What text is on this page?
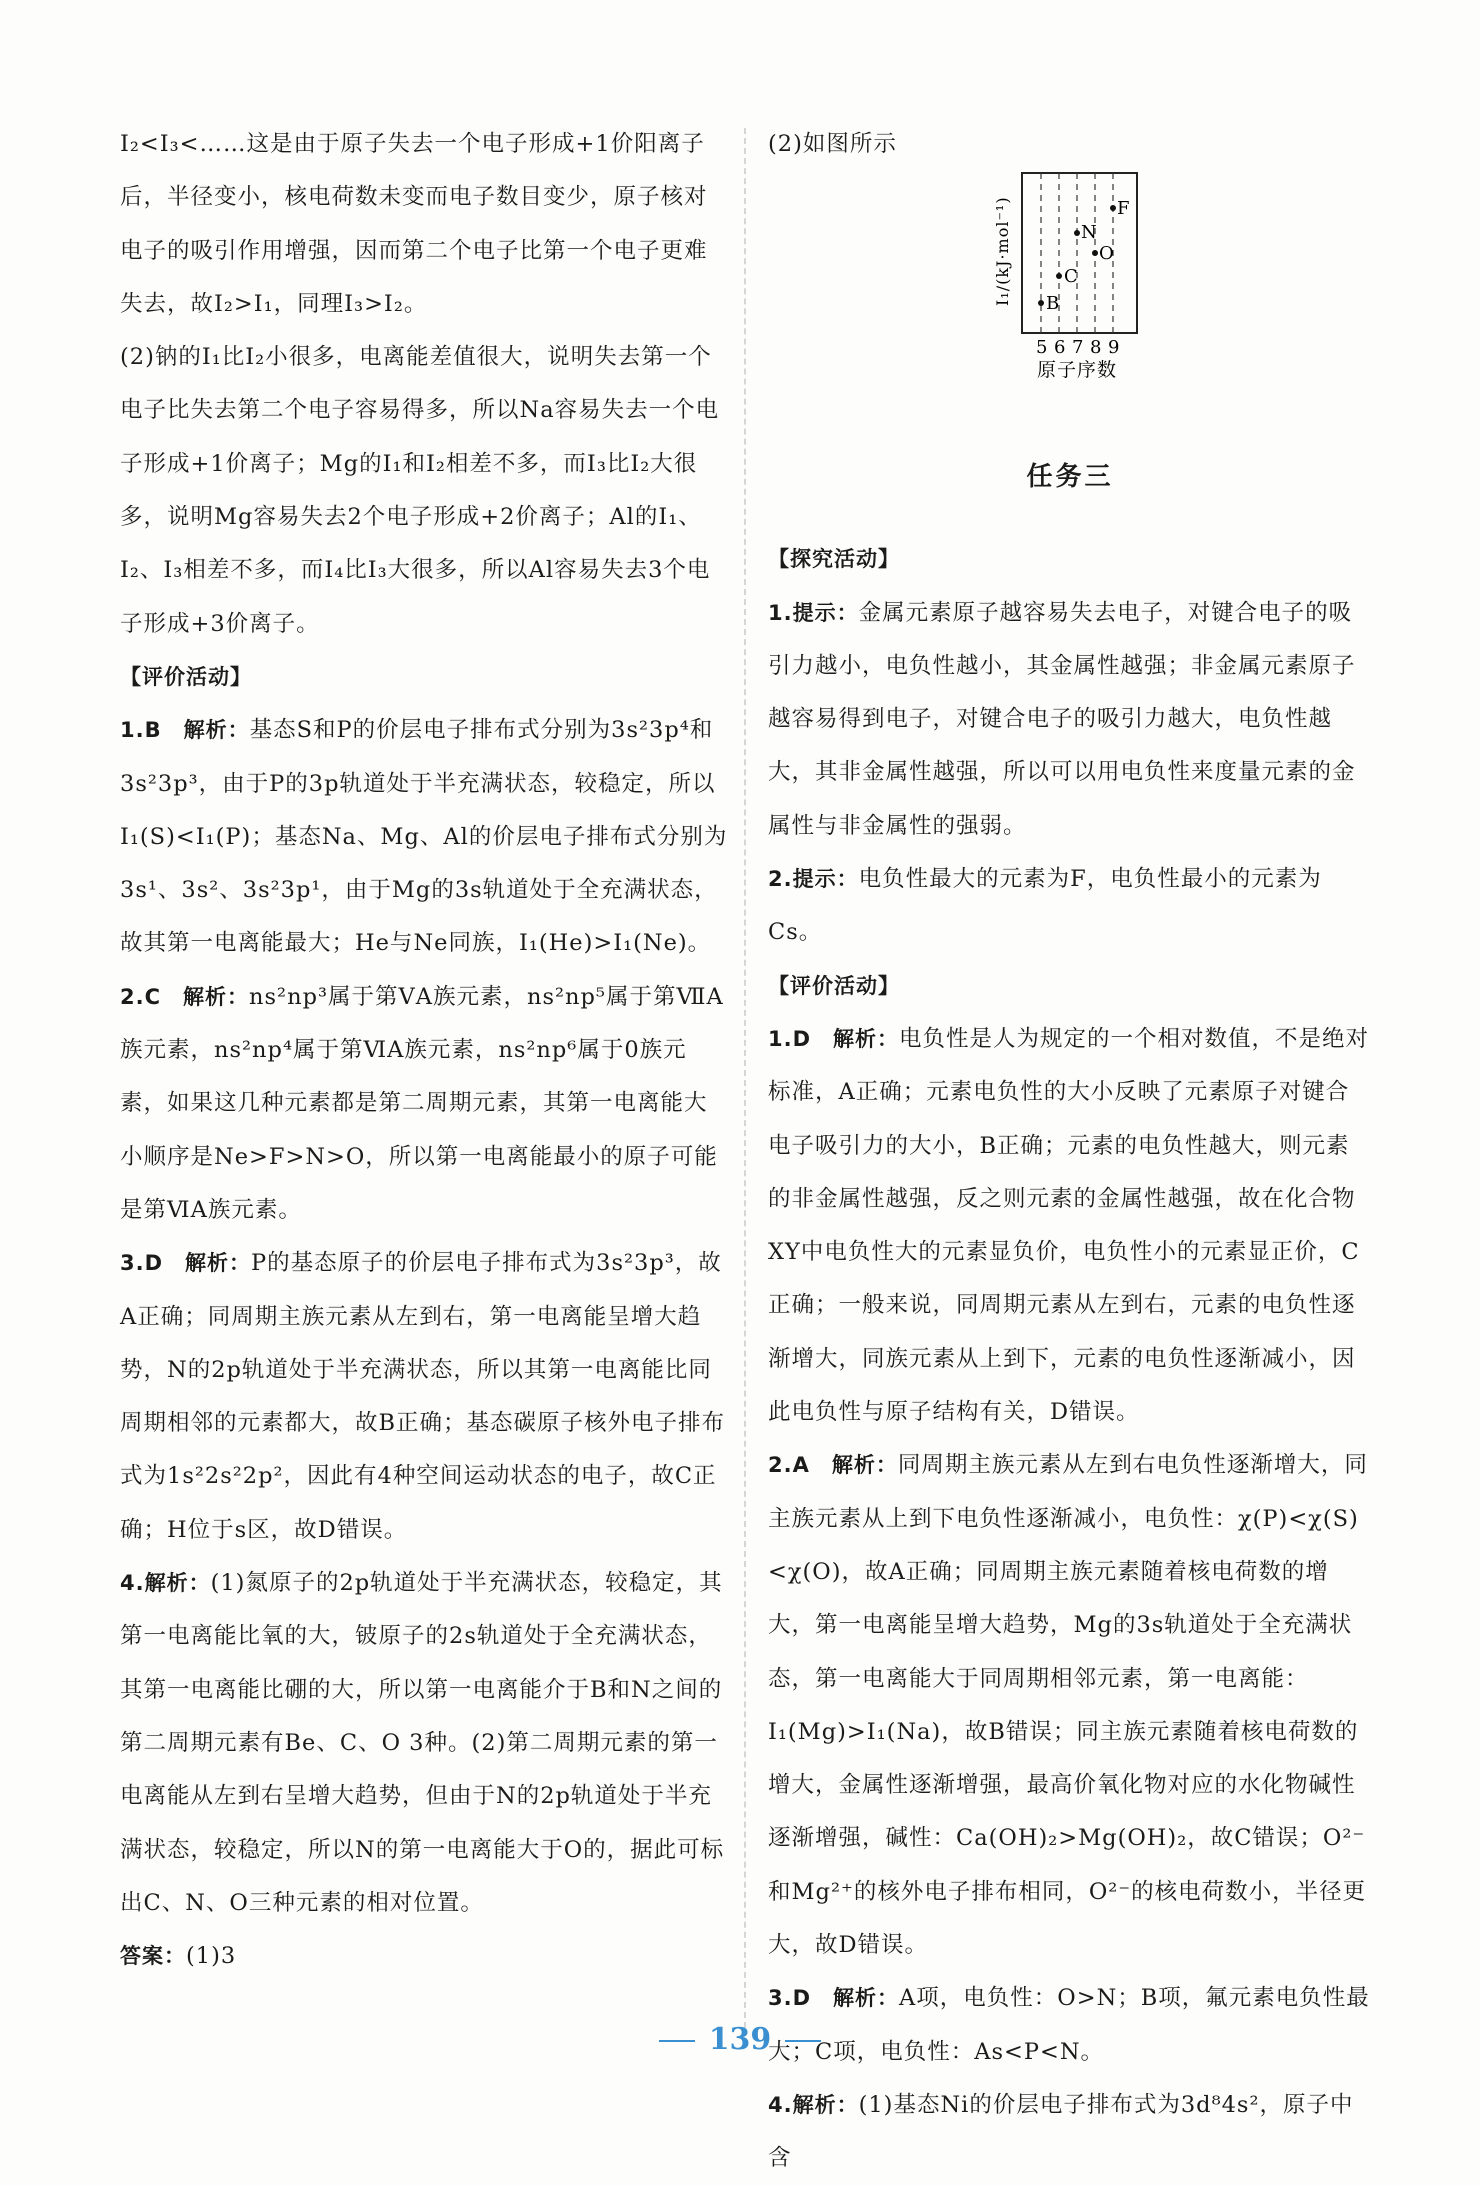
I₂<I₃<……这是由于原子失去一个电子形成+1价阳离子后，半径变小，核电荷数未变而电子数目变少，原子核对电子的吸引作用增强，因而第二个电子比第一个电子更难失去，故I₂>I₁，同理I₃>I₂。

(2)钠的I₁比I₂小很多，电离能差值很大，说明失去第一个电子比失去第二个电子容易得多，所以Na容易失去一个电子形成+1价离子；Mg的I₁和I₂相差不多，而I₃比I₂大很多，说明Mg容易失去2个电子形成+2价离子；Al的I₁、I₂、I₃相差不多，而I₄比I₃大很多，所以Al容易失去3个电子形成+3价离子。

【评价活动】

1.B　解析：基态S和P的价层电子排布式分别为3s²3p⁴和3s²3p³，由于P的3p轨道处于半充满状态，较稳定，所以I₁(S)<I₁(P)；基态Na、Mg、Al的价层电子排布式分别为3s¹、3s²、3s²3p¹，由于Mg的3s轨道处于全充满状态，故其第一电离能最大；He与Ne同族，I₁(He)>I₁(Ne)。

2.C　解析：ns²np³属于第ⅤA族元素，ns²np⁵属于第ⅦA族元素，ns²np⁴属于第ⅥA族元素，ns²np⁶属于0族元素，如果这几种元素都是第二周期元素，其第一电离能大小顺序是Ne>F>N>O，所以第一电离能最小的原子可能是第ⅥA族元素。

3.D　解析：P的基态原子的价层电子排布式为3s²3p³，故A正确；同周期主族元素从左到右，第一电离能呈增大趋势，N的2p轨道处于半充满状态，所以其第一电离能比同周期相邻的元素都大，故B正确；基态碳原子核外电子排布式为1s²2s²2p²，因此有4种空间运动状态的电子，故C正确；H位于s区，故D错误。

4.解析：(1)氮原子的2p轨道处于半充满状态，较稳定，其第一电离能比氧的大，铍原子的2s轨道处于全充满状态，其第一电离能比硼的大，所以第一电离能介于B和N之间的第二周期元素有Be、C、O 3种。(2)第二周期元素的第一电离能从左到右呈增大趋势，但由于N的2p轨道处于半充满状态，较稳定，所以N的第一电离能大于O的，据此可标出C、N、O三种元素的相对位置。

答案：(1)3

(2)如图所示

B
C
N
O
F
I₁/(kJ·mol⁻¹)
5 6 7 8 9
原子序数

任务三

【探究活动】

1.提示：金属元素原子越容易失去电子，对键合电子的吸引力越小，电负性越小，其金属性越强；非金属元素原子越容易得到电子，对键合电子的吸引力越大，电负性越大，其非金属性越强，所以可以用电负性来度量元素的金属性与非金属性的强弱。

2.提示：电负性最大的元素为F，电负性最小的元素为Cs。

【评价活动】

1.D　解析：电负性是人为规定的一个相对数值，不是绝对标准，A正确；元素电负性的大小反映了元素原子对键合电子吸引力的大小，B正确；元素的电负性越大，则元素的非金属性越强，反之则元素的金属性越强，故在化合物XY中电负性大的元素显负价，电负性小的元素显正价，C正确；一般来说，同周期元素从左到右，元素的电负性逐渐增大，同族元素从上到下，元素的电负性逐渐减小，因此电负性与原子结构有关，D错误。

2.A　解析：同周期主族元素从左到右电负性逐渐增大，同主族元素从上到下电负性逐渐减小，电负性：χ(P)<χ(S)<χ(O)，故A正确；同周期主族元素随着核电荷数的增大，第一电离能呈增大趋势，Mg的3s轨道处于全充满状态，第一电离能大于同周期相邻元素，第一电离能：I₁(Mg)>I₁(Na)，故B错误；同主族元素随着核电荷数的增大，金属性逐渐增强，最高价氧化物对应的水化物碱性逐渐增强，碱性：Ca(OH)₂>Mg(OH)₂，故C错误；O²⁻和Mg²⁺的核外电子排布相同，O²⁻的核电荷数小，半径更大，故D错误。

3.D　解析：A项，电负性：O>N；B项，氟元素电负性最大；C项，电负性：As<P<N。

4.解析：(1)基态Ni的价层电子排布式为3d⁸4s²，原子中含

139
